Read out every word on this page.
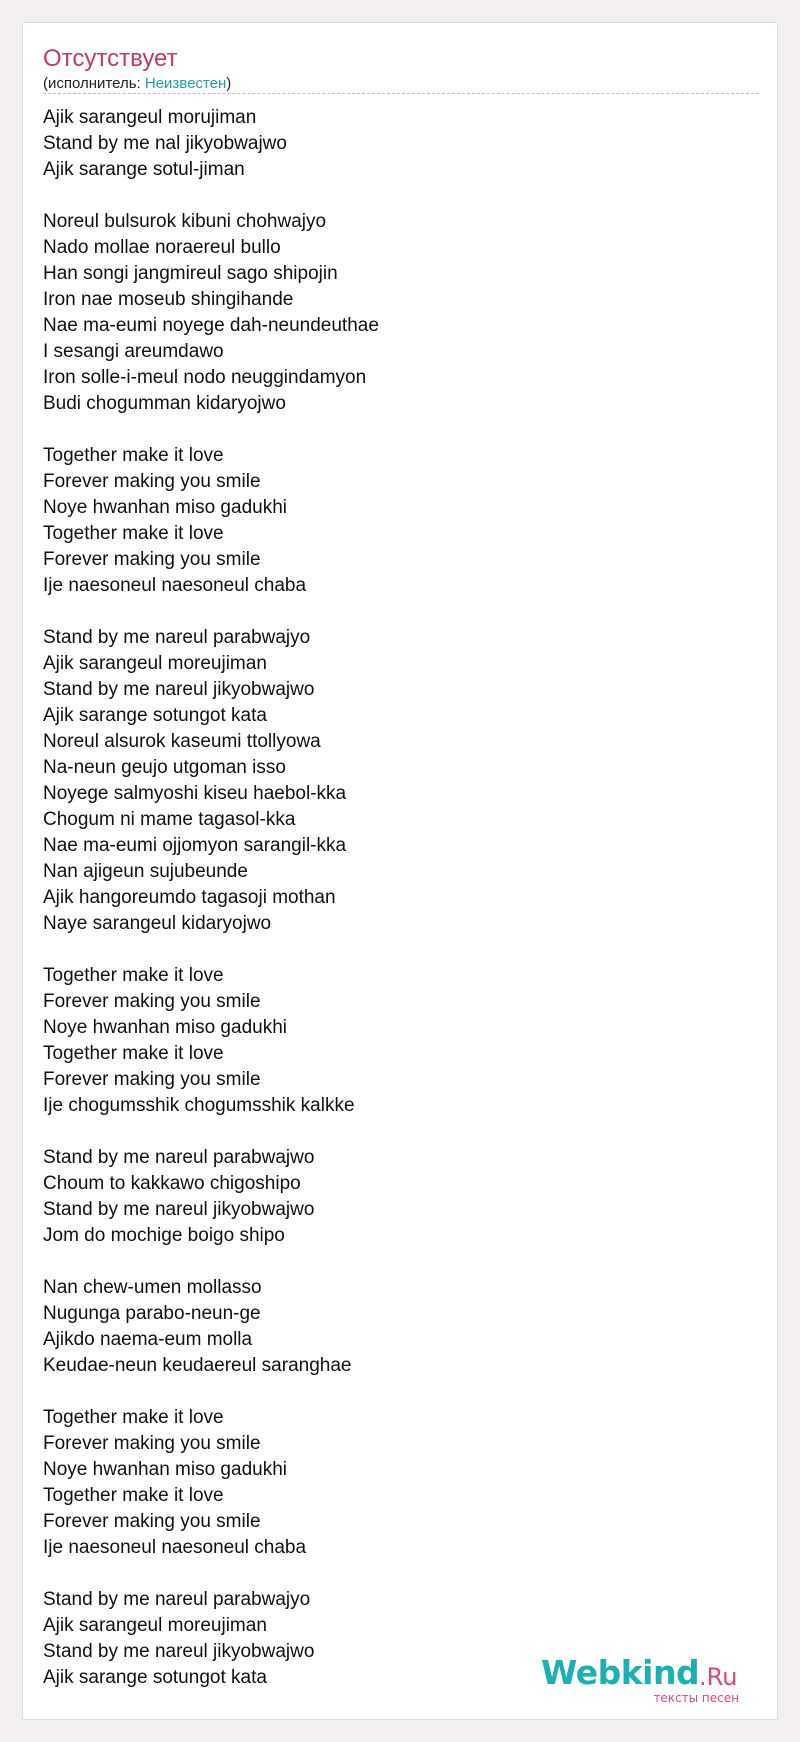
Отсутствует
(исполнитель: Неизвестен)
Ajik sarangeul morujiman
Stand by me nal jikyobwajwo
Ajik sarange sotul-jiman
Noreul bulsurok kibuni chohwajyo
Nado mollae noraereul bullo
Han songi jangmireul sago shipojin
Iron nae moseub shingihande
Nae ma-eumi noyege dah-neundeuthae
I sesangi areumdawo
Iron solle-i-meul nodo neuggindamyon
Budi chogumman kidaryojwo
Together make it love
Forever making you smile
Noye hwanhan miso gadukhi
Together make it love
Forever making you smile
Ije naesoneul naesoneul chaba
Stand by me nareul parabwajyo
Ajik sarangeul moreujiman
Stand by me nareul jikyobwajwo
Ajik sarange sotungot kata
Noreul alsurok kaseumi ttollyowa
Na-neun geujo utgoman isso
Noyege salmyoshi kiseu haebol-kka
Chogum ni mame tagasol-kka
Nae ma-eumi ojjomyon sarangil-kka
Nan ajigeun sujubeunde
Ajik hangoreumdo tagasoji mothan
Naye sarangeul kidaryojwo
Together make it love
Forever making you smile
Noye hwanhan miso gadukhi
Together make it love
Forever making you smile
Ije chogumsshik chogumsshik kalkke
Stand by me nareul parabwajwo
Choum to kakkawo chigoshipo
Stand by me nareul jikyobwajwo
Jom do mochige boigo shipo
Nan chew-umen mollasso
Nugunga parabo-neun-ge
Ajikdo naema-eum molla
Keudae-neun keudaereul saranghae
Together make it love
Forever making you smile
Noye hwanhan miso gadukhi
Together make it love
Forever making you smile
Ije naesoneul naesoneul chaba
Stand by me nareul parabwajyo
Ajik sarangeul moreujiman
Stand by me nareul jikyobwajwo
Ajik sarange sotungot kata	Webkind .Ru
тексты песен
